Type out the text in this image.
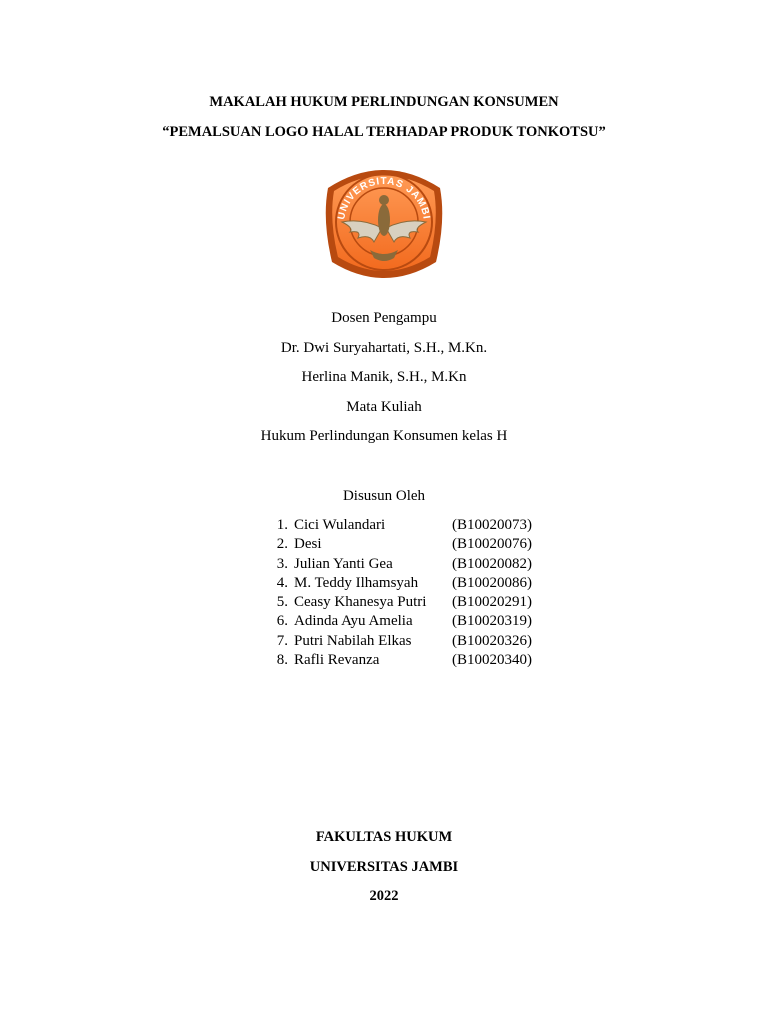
MAKALAH HUKUM PERLINDUNGAN KONSUMEN
“PEMALSUAN LOGO HALAL TERHADAP PRODUK TONKOTSU”
UNIVERSITAS JAMBI
Dosen Pengampu
Dr. Dwi Suryahartati, S.H., M.Kn.
Herlina Manik, S.H., M.Kn
Mata Kuliah
Hukum Perlindungan Konsumen kelas H
Disusun Oleh
1. Cici Wulandari	(B10020073)
2. Desi	(B10020076)
3. Julian Yanti Gea	(B10020082)
4. M. Teddy Ilhamsyah (B10020086)
5. Ceasy Khanesya Putri (B10020291)
6. Adinda Ayu Amelia	(B10020319)
7. Putri Nabilah Elkas	(B10020326)
8. Rafli Revanza	(B10020340)
FAKULTAS HUKUM
UNIVERSITAS JAMBI
2022
